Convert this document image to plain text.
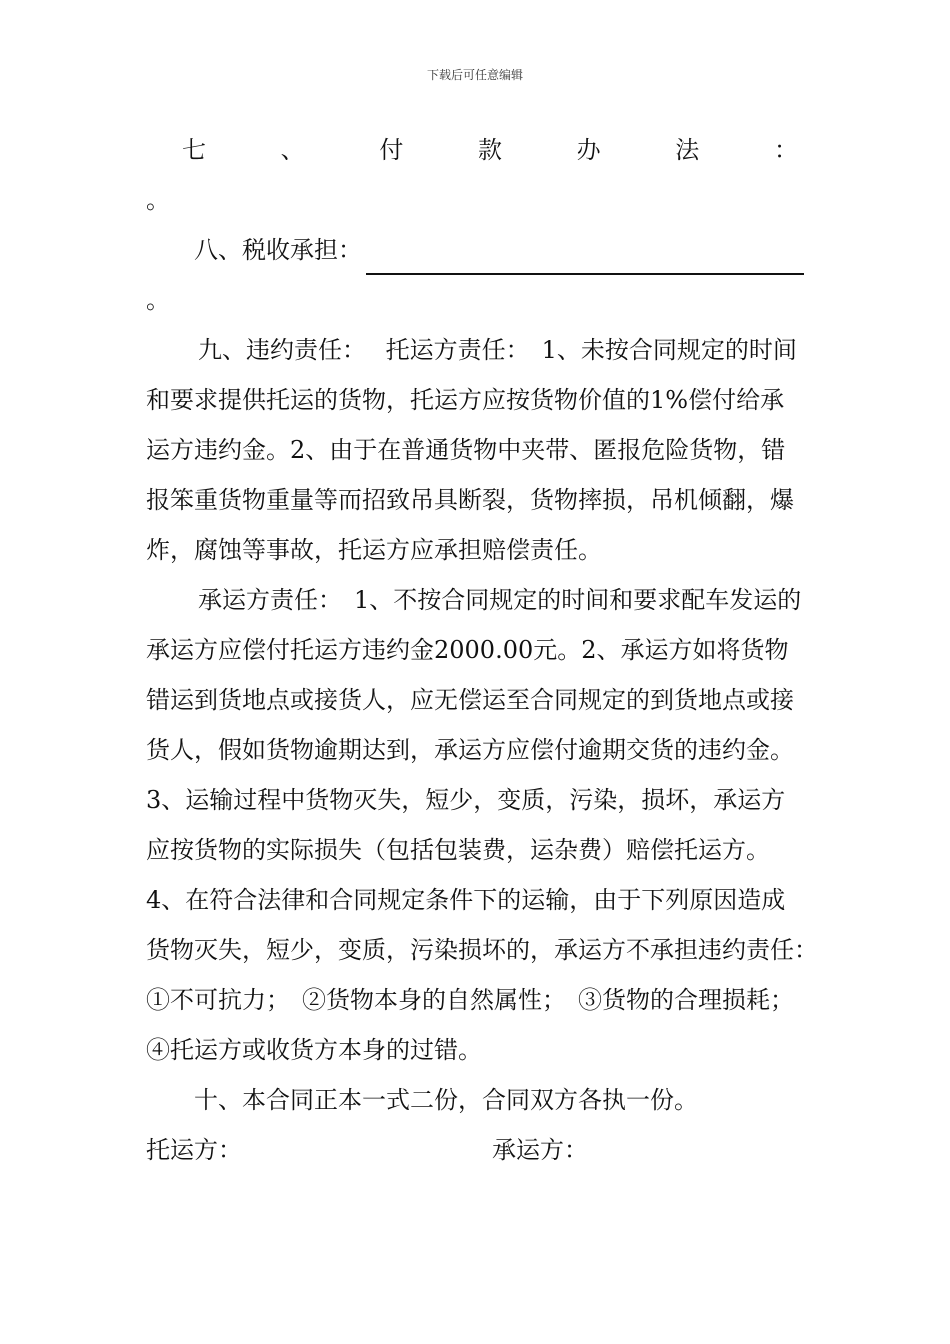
下载后可任意编辑
七	、	付	款	办	法	：
。
八、税收承担：。
九、违约责任：　 托运方责任：　1、未按合同规定的时间和要求提供托运的货物，托运方应按货物价值的1%偿付给承运方违约金。2、由于在普通货物中夹带、匿报危险货物，错报笨重货物重量等而招致吊具断裂，货物摔损，吊机倾翻，爆炸，腐蚀等事故，托运方应承担赔偿责任。
承运方责任：　1、不按合同规定的时间和要求配车发运的承运方应偿付托运方违约金2000.00元。2、承运方如将货物错运到货地点或接货人，应无偿运至合同规定的到货地点或接货人，假如货物逾期达到，承运方应偿付逾期交货的违约金。3、运输过程中货物灭失，短少，变质，污染，损坏，承运方应按货物的实际损失（包括包装费，运杂费）赔偿托运方。　4、在符合法律和合同规定条件下的运输，由于下列原因造成货物灭失，短少，变质，污染损坏的，承运方不承担违约责任：　①不可抗力；　②货物本身的自然属性；　③货物的合理损耗；　④托运方或收货方本身的过错。
十、本合同正本一式二份，合同双方各执一份。
托运方：	承运方：
